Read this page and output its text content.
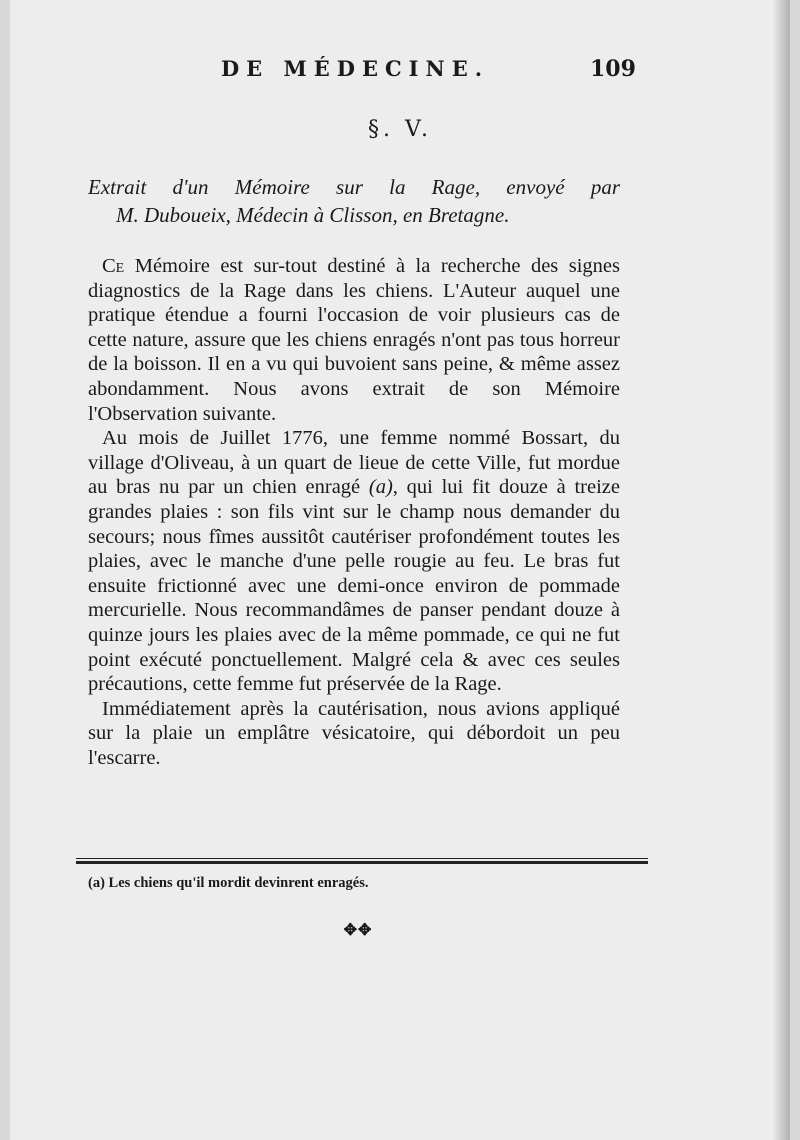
DE MÉDECINE.	109
§. V.
Extrait d'un Mémoire sur la Rage, envoyé par
M. Duboueix, Médecin à Clisson, en Bretagne.

Ce Mémoire est sur-tout destiné à la recherche des signes diagnostics de la Rage dans les chiens. L'Auteur auquel une pratique étendue a fourni l'occasion de voir plusieurs cas de cette nature, assure que les chiens enragés n'ont pas tous horreur de la boisson. Il en a vu qui buvoient sans peine, & même assez abondamment. Nous avons extrait de son Mémoire l'Observation suivante.

Au mois de Juillet 1776, une femme nommé Bossart, du village d'Oliveau, à un quart de lieue de cette Ville, fut mordue au bras nu par un chien enragé (a), qui lui fit douze à treize grandes plaies : son fils vint sur le champ nous demander du secours; nous fîmes aussitôt cautériser profondément toutes les plaies, avec le manche d'une pelle rougie au feu. Le bras fut ensuite frictionné avec une demi-once environ de pommade mercurielle. Nous recommandâmes de panser pendant douze à quinze jours les plaies avec de la même pommade, ce qui ne fut point exécuté ponctuellement. Malgré cela & avec ces seules précautions, cette femme fut préservée de la Rage.

Immédiatement après la cautérisation, nous avions appliqué sur la plaie un emplâtre vésicatoire, qui débordoit un peu l'escarre.

(a) Les chiens qu'il mordit devinrent enragés.
✥✥
